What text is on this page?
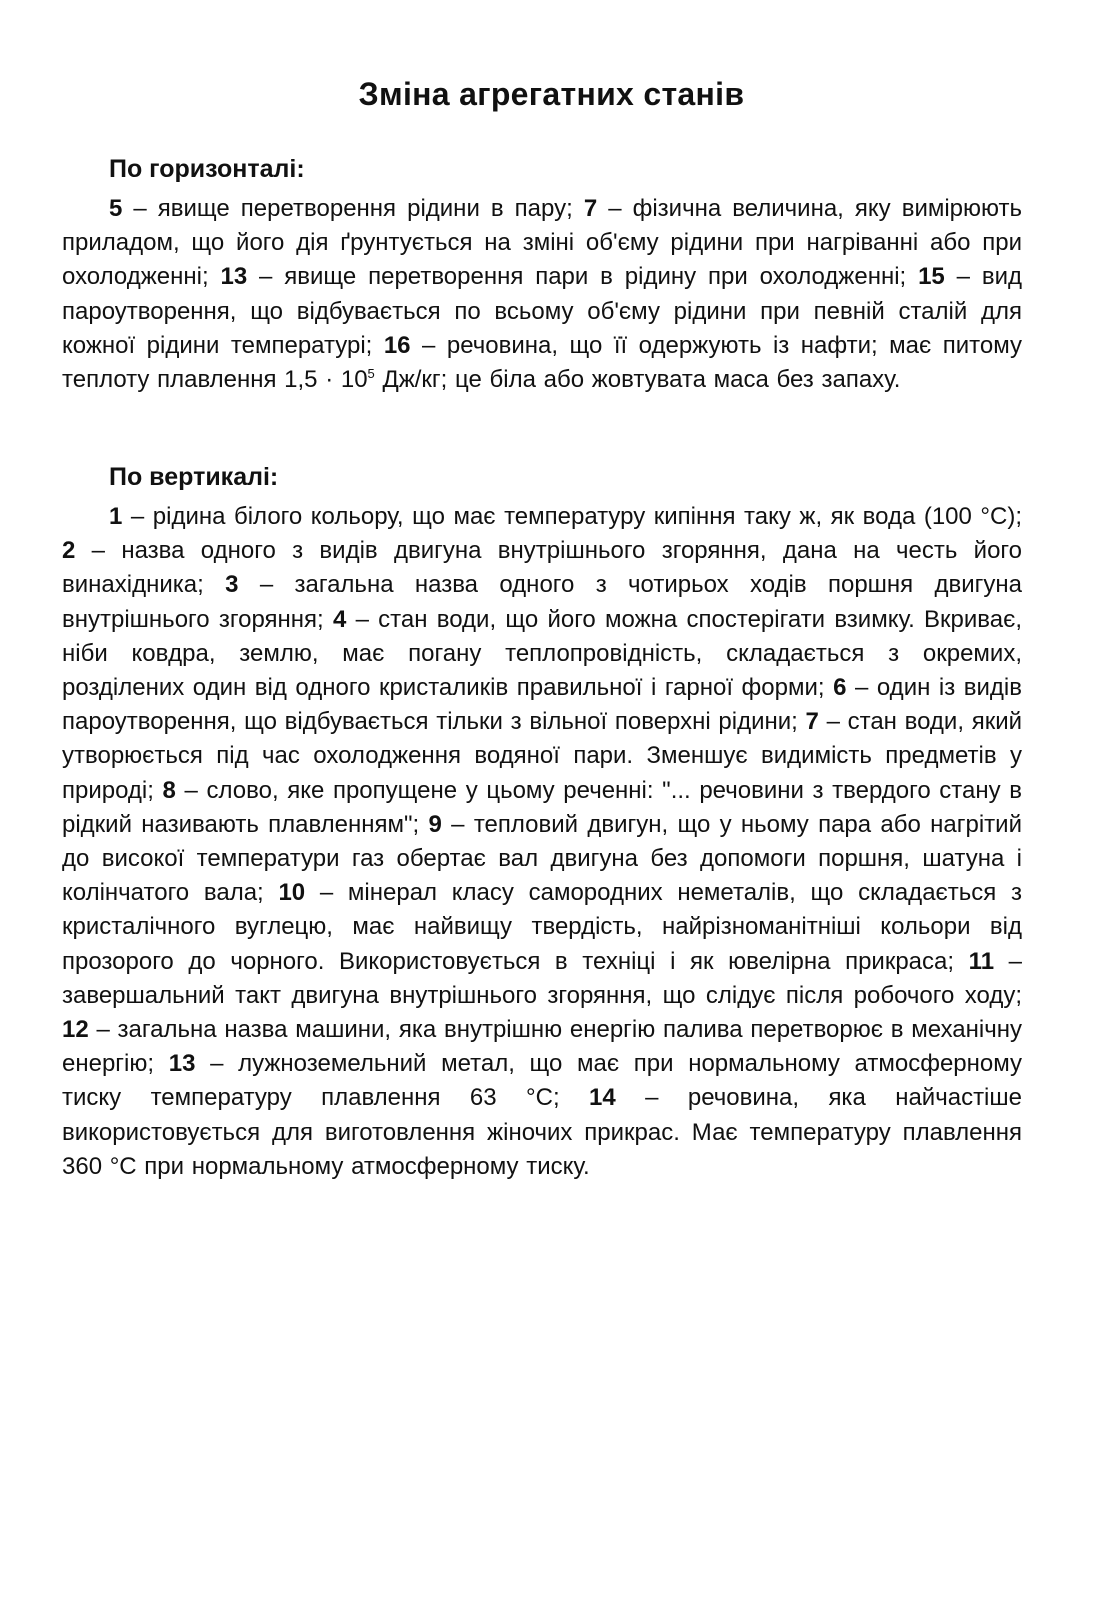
Зміна агрегатних станів
По горизонталі:

5 – явище перетворення рідини в пару; 7 – фізична величина, яку вимірюють приладом, що його дія ґрунтується на зміні об'єму рідини при нагріванні або при охолодженні; 13 – явище перетворення пари в рідину при охолодженні; 15 – вид пароутворення, що відбувається по всьому об'єму рідини при певній сталій для кожної рідини температурі; 16 – речовина, що її одержують із нафти; має питому теплоту плавлення $1,5 \cdot 10^5$ Дж/кг; це біла або жовтувата маса без запаху.

По вертикалі:

1 – рідина білого кольору, що має температуру кипіння таку ж, як вода (100 °С); 2 – назва одного з видів двигуна внутрішнього згоряння, дана на честь його винахідника; 3 – загальна назва одного з чотирьох ходів поршня двигуна внутрішнього згоряння; 4 – стан води, що його можна спостерігати взимку. Вкриває, ніби ковдра, землю, має погану теплопровідність, складається з окремих, розділених один від одного кристаликів правильної і гарної форми; 6 – один із видів пароутворення, що відбувається тільки з вільної поверхні рідини; 7 – стан води, який утворюється під час охолодження водяної пари. Зменшує видимість предметів у природі; 8 – слово, яке пропущене у цьому реченні: "... речовини з твердого стану в рідкий називають плавленням"; 9 – тепловий двигун, що у ньому пара або нагрітий до високої температури газ обертає вал двигуна без допомоги поршня, шатуна і колінчатого вала; 10 – мінерал класу самородних неметалів, що складається з кристалічного вуглецю, має найвищу твердість, найрізноманітніші кольори від прозорого до чорного. Використовується в техніці і як ювелірна прикраса; 11 – завершальний такт двигуна внутрішнього згоряння, що слідує після робочого ходу; 12 – загальна назва машини, яка внутрішню енергію палива перетворює в механічну енергію; 13 – лужноземельний метал, що має при нормальному атмосферному тиску температуру плавлення 63 °С; 14 – речовина, яка найчастіше використовується для виготовлення жіночих прикрас. Має температуру плавлення 360 °С при нормальному атмосферному тиску.
